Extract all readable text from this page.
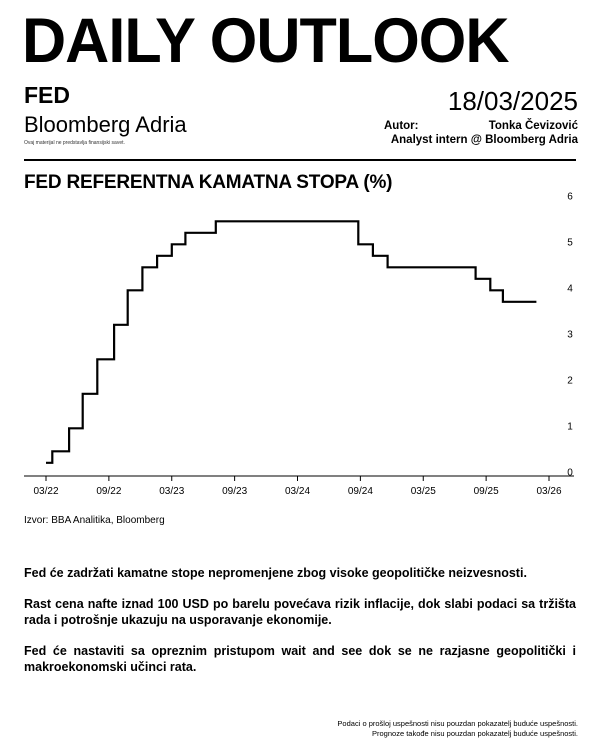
DAILY OUTLOOK
FED	18/03/2025
Bloomberg Adria
Ovaj materijal ne predstavlja finansijski savet.
Autor:	Tonka Čevizović
Analyst intern @ Bloomberg Adria
FED REFERENTNA KAMATNA STOPA (%)
03/22	09/22	03/23	09/23	03/24	09/24	03/25	09/25	03/26
0
1
2
3
4
5
6
Izvor: BBA Analitika, Bloomberg
Fed će zadržati kamatne stope nepromenjene zbog visoke geopolitičke neizvesnosti.
Rast cena nafte iznad 100 USD po barelu povećava rizik inflacije, dok slabi podaci sa tržišta rada i potrošnje ukazuju na usporavanje ekonomije.
Fed će nastaviti sa opreznim pristupom wait and see dok se ne razjasne geopolitički i makroekonomski učinci rata.
Podaci o prošloj uspešnosti nisu pouzdan pokazatelj buduće uspešnosti.
Prognoze takođe nisu pouzdan pokazatelj buduće uspešnosti.
